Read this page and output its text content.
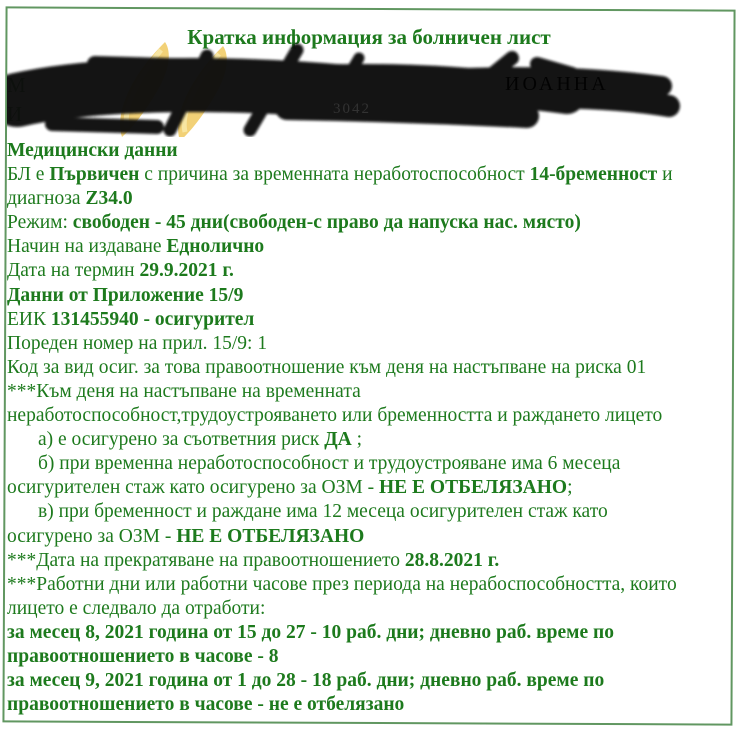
Кратка информация за болничен лист
М
И
ИОАННА
3042
Медицински данни
БЛ е Първичен с причина за временната неработоспособност 14-бременност и
диагноза Z34.0
Режим: свободен - 45 дни(свободен-с право да напуска нас. място)
Начин на издаване Еднолично
Дата на термин 29.9.2021 г.
Данни от Приложение 15/9
ЕИК 131455940 - осигурител
Пореден номер на прил. 15/9: 1
Код за вид осиг. за това правоотношение към деня на настъпване на риска 01
***Към деня на настъпване на временната
неработоспособност,трудоустрояването или бременността и раждането лицето
а) е осигурено за съответния риск ДА ;
б) при временна неработоспособност и трудоустрояване има 6 месеца
осигурителен стаж като осигурено за ОЗМ - НЕ Е ОТБЕЛЯЗАНО;
в) при бременност и раждане има 12 месеца осигурителен стаж като
осигурено за ОЗМ - НЕ Е ОТБЕЛЯЗАНО
***Дата на прекратяване на правоотношението 28.8.2021 г.
***Работни дни или работни часове през периода на нерабоспособността, които
лицето е следвало да отработи:
за месец 8, 2021 година от 15 до 27 - 10 раб. дни; дневно раб. време по
правоотношението в часове - 8
за месец 9, 2021 година от 1 до 28 - 18 раб. дни; дневно раб. време по
правоотношението в часове - не е отбелязано
